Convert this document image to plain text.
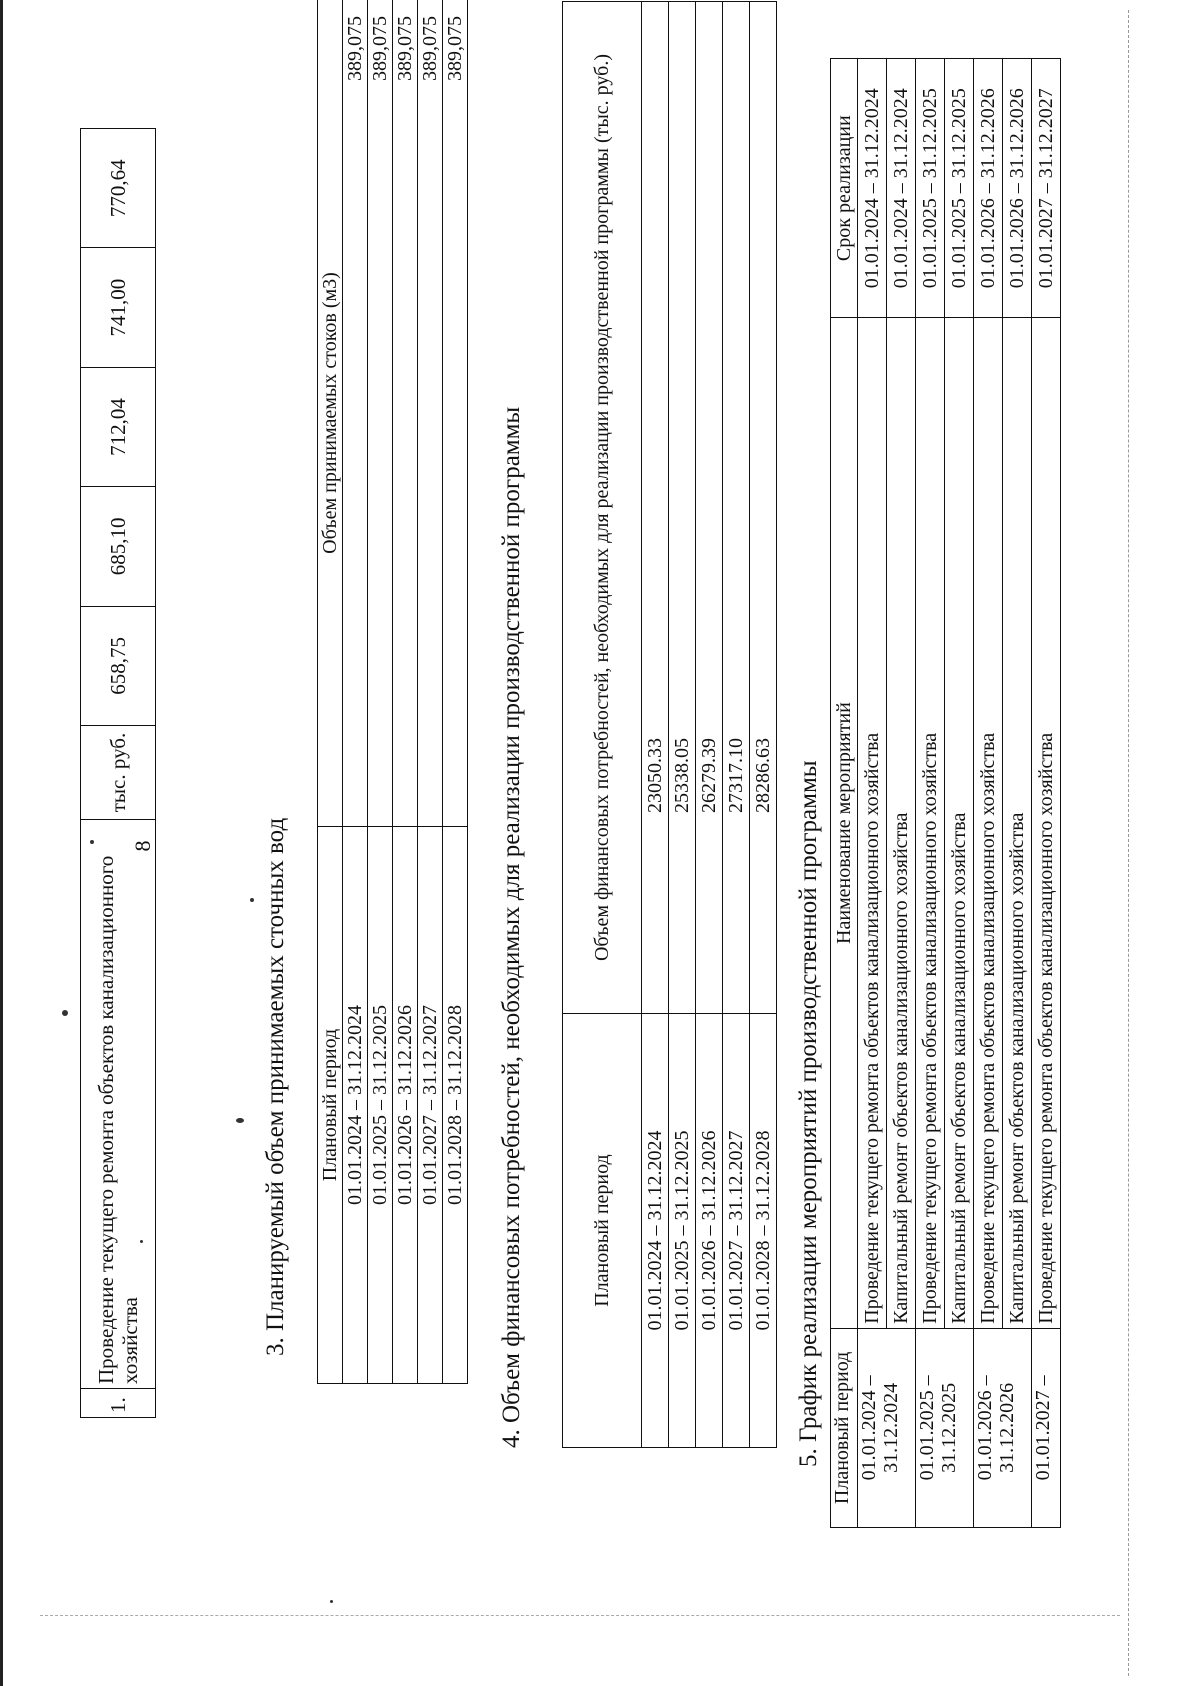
8
1.	Проведение текущего ремонта объектов канализационного хозяйства	тыс. руб.	658,75	685,10	712,04	741,00	770,64
3. Планируемый объем принимаемых сточных вод Плановый период	Объем принимаемых стоков (м3)
01.01.2024 – 31.12.2024	389,075
01.01.2025 – 31.12.2025	389,075
01.01.2026 – 31.12.2026	389,075
01.01.2027 – 31.12.2027	389,075
01.01.2028 – 31.12.2028	389,075
4. Объем финансовых потребностей, необходимых для реализации производственной программы	Плановый период	Объем финансовых потребностей, необходимых для реализации производственной программы (тыс. руб.)
01.01.2024 – 31.12.2024	23050.33
01.01.2025 – 31.12.2025	25338.05
01.01.2026 – 31.12.2026	26279.39
01.01.2027 – 31.12.2027	27317.10
01.01.2028 – 31.12.2028	28286.63 5. График реализации мероприятий производственной программы Плановый период	Наименование мероприятий	Срок реализации
01.01.2024 – 31.12.2024	Проведение текущего ремонта объектов канализационного хозяйства	01.01.2024 – 31.12.2024
	Капитальный ремонт объектов канализационного хозяйства	01.01.2024 – 31.12.2024
01.01.2025 – 31.12.2025	Проведение текущего ремонта объектов канализационного хозяйства	01.01.2025 – 31.12.2025
	Капитальный ремонт объектов канализационного хозяйства	01.01.2025 – 31.12.2025
01.01.2026 – 31.12.2026	Проведение текущего ремонта объектов канализационного хозяйства	01.01.2026 – 31.12.2026
	Капитальный ремонт объектов канализационного хозяйства	01.01.2026 – 31.12.2026
01.01.2027 –	Проведение текущего ремонта объектов канализационного хозяйства	01.01.2027 – 31.12.2027
